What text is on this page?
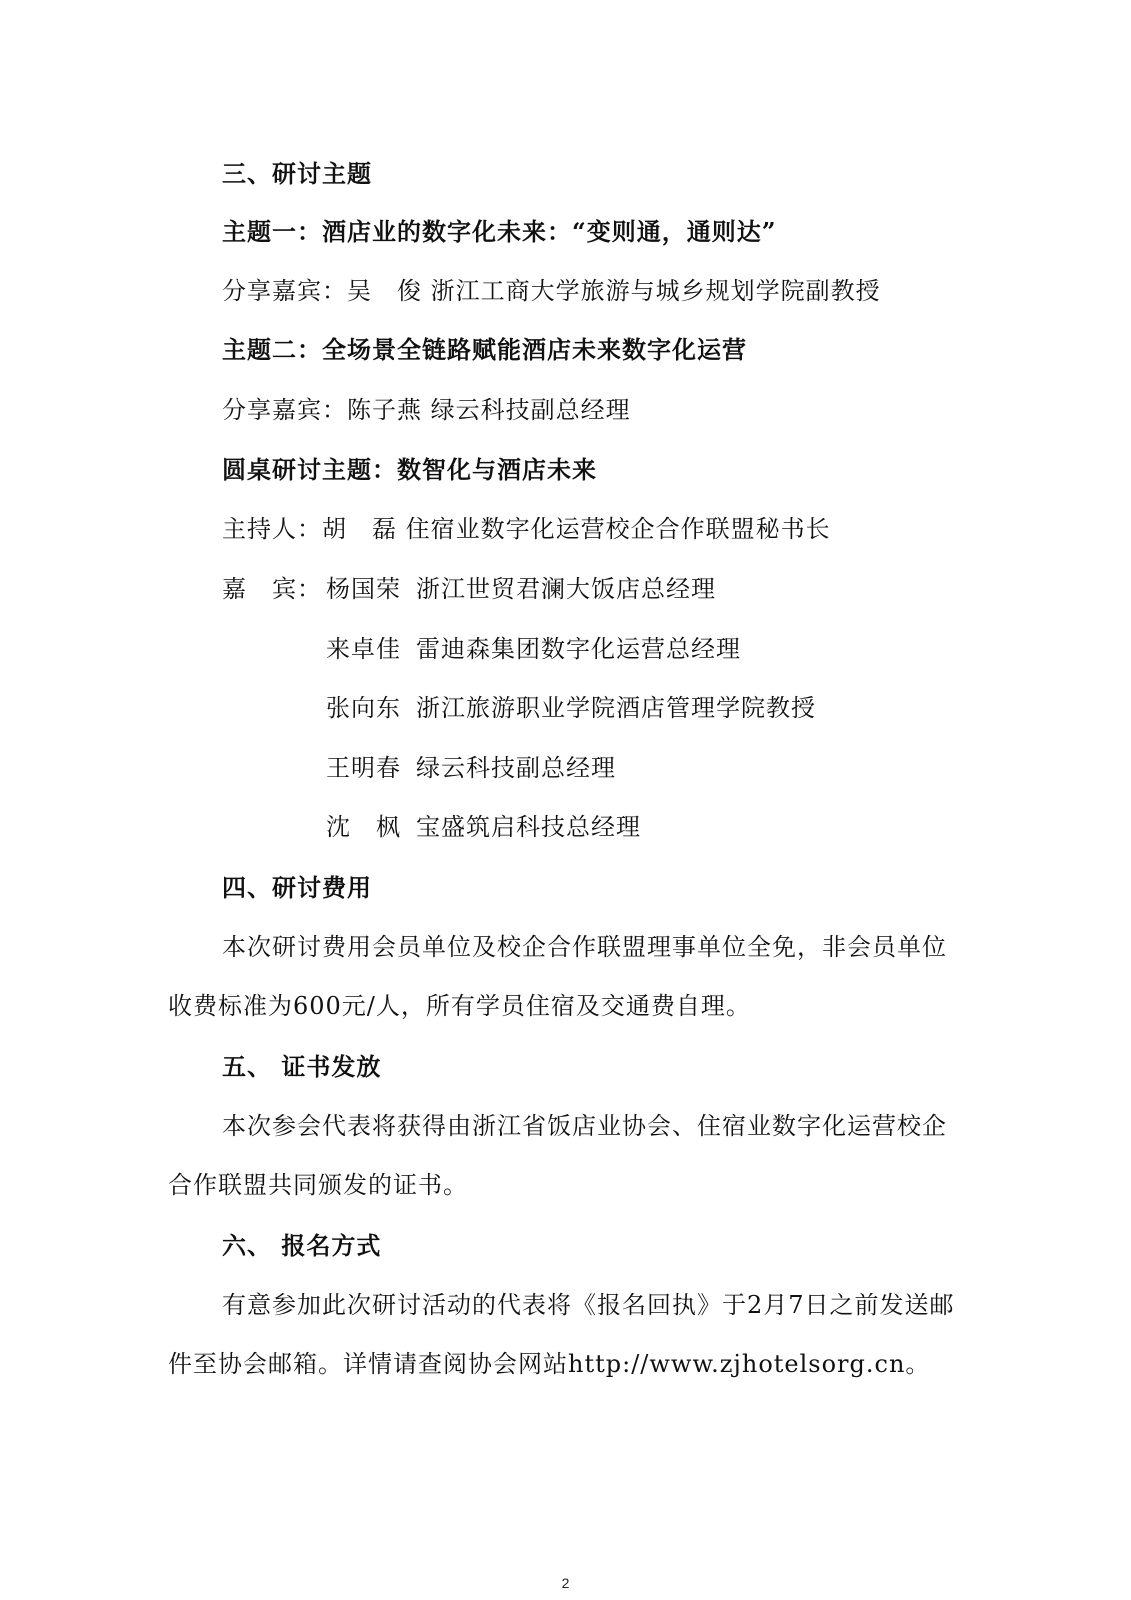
三、研讨主题
主题一：酒店业的数字化未来：“变则通，通则达”
分享嘉宾：吴　俊 浙江工商大学旅游与城乡规划学院副教授
主题二：全场景全链路赋能酒店未来数字化运营
分享嘉宾：陈子燕 绿云科技副总经理
圆桌研讨主题：数智化与酒店未来
主持人：胡　磊 住宿业数字化运营校企合作联盟秘书长
嘉　宾： 杨国荣 浙江世贸君澜大饭店总经理
来卓佳 雷迪森集团数字化运营总经理
张向东 浙江旅游职业学院酒店管理学院教授
王明春 绿云科技副总经理
沈　枫 宝盛筑启科技总经理
四、研讨费用
本次研讨费用会员单位及校企合作联盟理事单位全免，非会员单位
收费标准为600元/人，所有学员住宿及交通费自理。
五、 证书发放
本次参会代表将获得由浙江省饭店业协会、住宿业数字化运营校企
合作联盟共同颁发的证书。
六、 报名方式
有意参加此次研讨活动的代表将《报名回执》于2月7日之前发送邮
件至协会邮箱。详情请查阅协会网站http://www.zjhotelsorg.cn。
2
